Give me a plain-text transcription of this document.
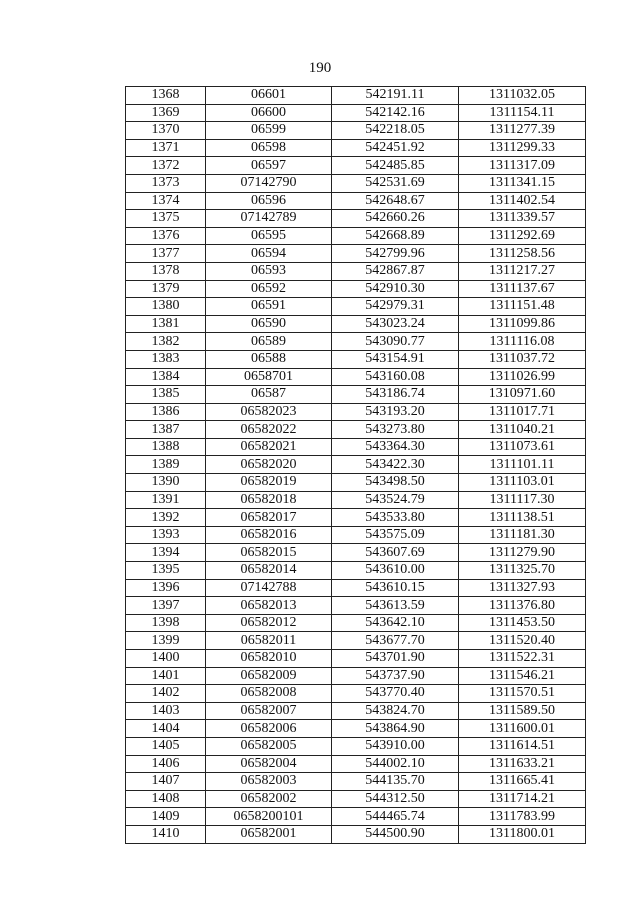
190
1368	06601	542191.11	1311032.05
1369	06600	542142.16	1311154.11
1370	06599	542218.05	1311277.39
1371	06598	542451.92	1311299.33
1372	06597	542485.85	1311317.09
1373	07142790	542531.69	1311341.15
1374	06596	542648.67	1311402.54
1375	07142789	542660.26	1311339.57
1376	06595	542668.89	1311292.69
1377	06594	542799.96	1311258.56
1378	06593	542867.87	1311217.27
1379	06592	542910.30	1311137.67
1380	06591	542979.31	1311151.48
1381	06590	543023.24	1311099.86
1382	06589	543090.77	1311116.08
1383	06588	543154.91	1311037.72
1384	0658701	543160.08	1311026.99
1385	06587	543186.74	1310971.60
1386	06582023	543193.20	1311017.71
1387	06582022	543273.80	1311040.21
1388	06582021	543364.30	1311073.61
1389	06582020	543422.30	1311101.11
1390	06582019	543498.50	1311103.01
1391	06582018	543524.79	1311117.30
1392	06582017	543533.80	1311138.51
1393	06582016	543575.09	1311181.30
1394	06582015	543607.69	1311279.90
1395	06582014	543610.00	1311325.70
1396	07142788	543610.15	1311327.93
1397	06582013	543613.59	1311376.80
1398	06582012	543642.10	1311453.50
1399	06582011	543677.70	1311520.40
1400	06582010	543701.90	1311522.31
1401	06582009	543737.90	1311546.21
1402	06582008	543770.40	1311570.51
1403	06582007	543824.70	1311589.50
1404	06582006	543864.90	1311600.01
1405	06582005	543910.00	1311614.51
1406	06582004	544002.10	1311633.21
1407	06582003	544135.70	1311665.41
1408	06582002	544312.50	1311714.21
1409	0658200101	544465.74	1311783.99
1410	06582001	544500.90	1311800.01
